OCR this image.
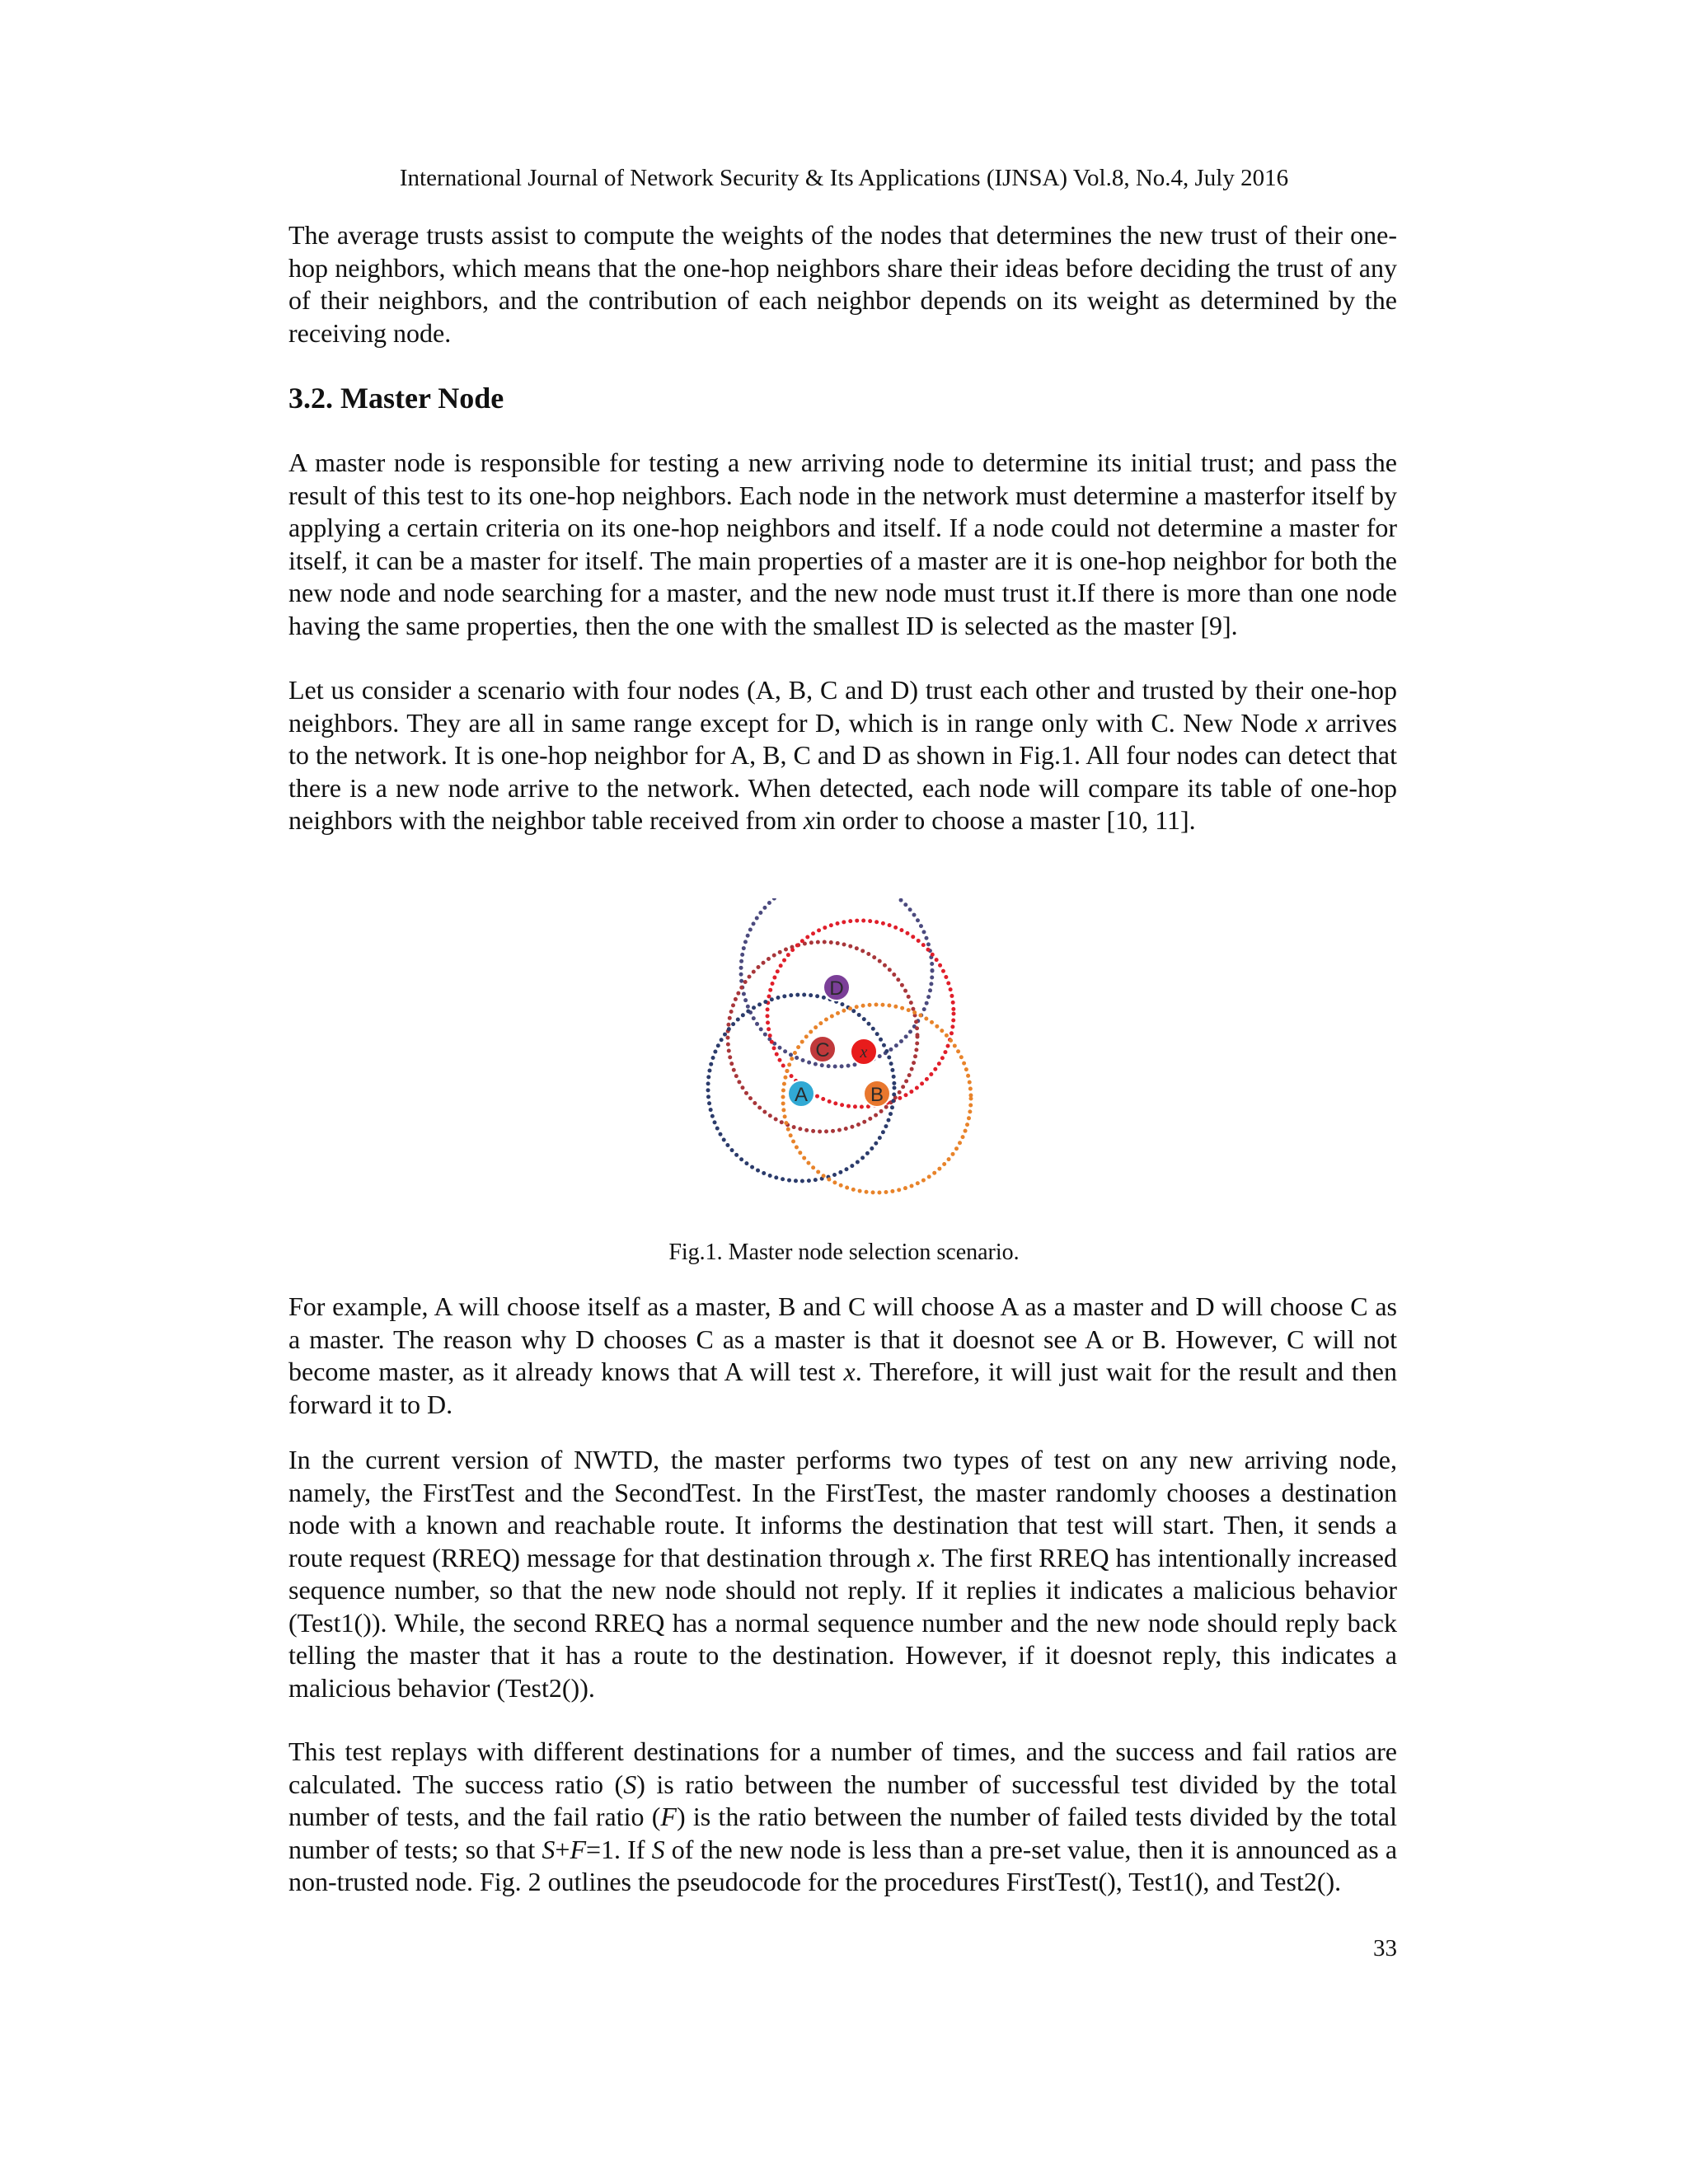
International Journal of Network Security & Its Applications (IJNSA) Vol.8, No.4, July 2016

The average trusts assist to compute the weights of the nodes that determines the new trust of their one-hop neighbors, which means that the one-hop neighbors share their ideas before deciding the trust of any of their neighbors, and the contribution of each neighbor depends on its weight as determined by the receiving node.

3.2. Master Node

A master node is responsible for testing a new arriving node to determine its initial trust; and pass the result of this test to its one-hop neighbors. Each node in the network must determine a masterfor itself by applying a certain criteria on its one-hop neighbors and itself. If a node could not determine a master for itself, it can be a master for itself. The main properties of a master are it is one-hop neighbor for both the new node and node searching for a master, and the new node must trust it.If there is more than one node having the same properties, then the one with the smallest ID is selected as the master [9].

Let us consider a scenario with four nodes (A, B, C and D) trust each other and trusted by their one-hop neighbors. They are all in same range except for D, which is in range only with C. New Node x arrives to the network. It is one-hop neighbor for A, B, C and D as shown in Fig.1. All four nodes can detect that there is a new node arrive to the network. When detected, each node will compare its table of one-hop neighbors with the neighbor table received from xin order to choose a master [10, 11].

D
C x
A	B
Fig.1. Master node selection scenario.

For example, A will choose itself as a master, B and C will choose A as a master and D will choose C as a master. The reason why D chooses C as a master is that it doesnot see A or B. However, C will not become master, as it already knows that A will test x. Therefore, it will just wait for the result and then forward it to D.

In the current version of NWTD, the master performs two types of test on any new arriving node, namely, the FirstTest and the SecondTest. In the FirstTest, the master randomly chooses a destination node with a known and reachable route. It informs the destination that test will start. Then, it sends a route request (RREQ) message for that destination through x. The first RREQ has intentionally increased sequence number, so that the new node should not reply. If it replies it indicates a malicious behavior (Test1()). While, the second RREQ has a normal sequence number and the new node should reply back telling the master that it has a route to the destination. However, if it doesnot reply, this indicates a malicious behavior (Test2()).

This test replays with different destinations for a number of times, and the success and fail ratios are calculated. The success ratio (S) is ratio between the number of successful test divided by the total number of tests, and the fail ratio (F) is the ratio between the number of failed tests divided by the total number of tests; so that S+F=1. If S of the new node is less than a pre-set value, then it is announced as a non-trusted node. Fig. 2 outlines the pseudocode for the procedures FirstTest(), Test1(), and Test2().

33
